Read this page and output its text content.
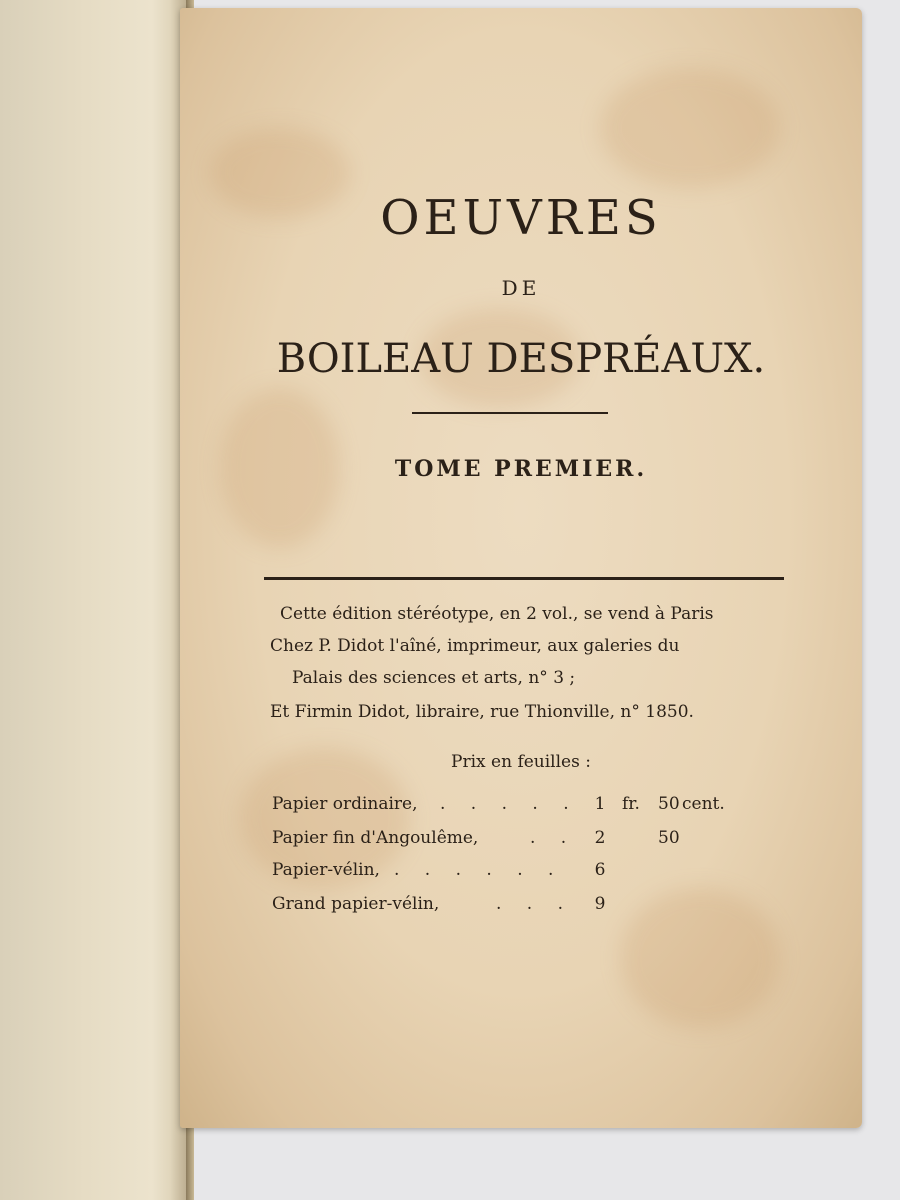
OEUVRES
DE
BOILEAU DESPRÉAUX.
TOME PREMIER.
Cette édition stéréotype, en 2 vol., se vend à Paris
Chez P. Didot l'aîné, imprimeur, aux galeries du
Palais des sciences et arts, n° 3 ;
Et Firmin Didot, libraire, rue Thionville, n° 1850.
Prix en feuilles :
Papier ordinaire, . . . . . 1 fr. 50 cent.
Papier fin d'Angoulême,	. . 2	50
Papier-vélin, . . . . . . 6
Grand papier-vélin,	. . . 9
